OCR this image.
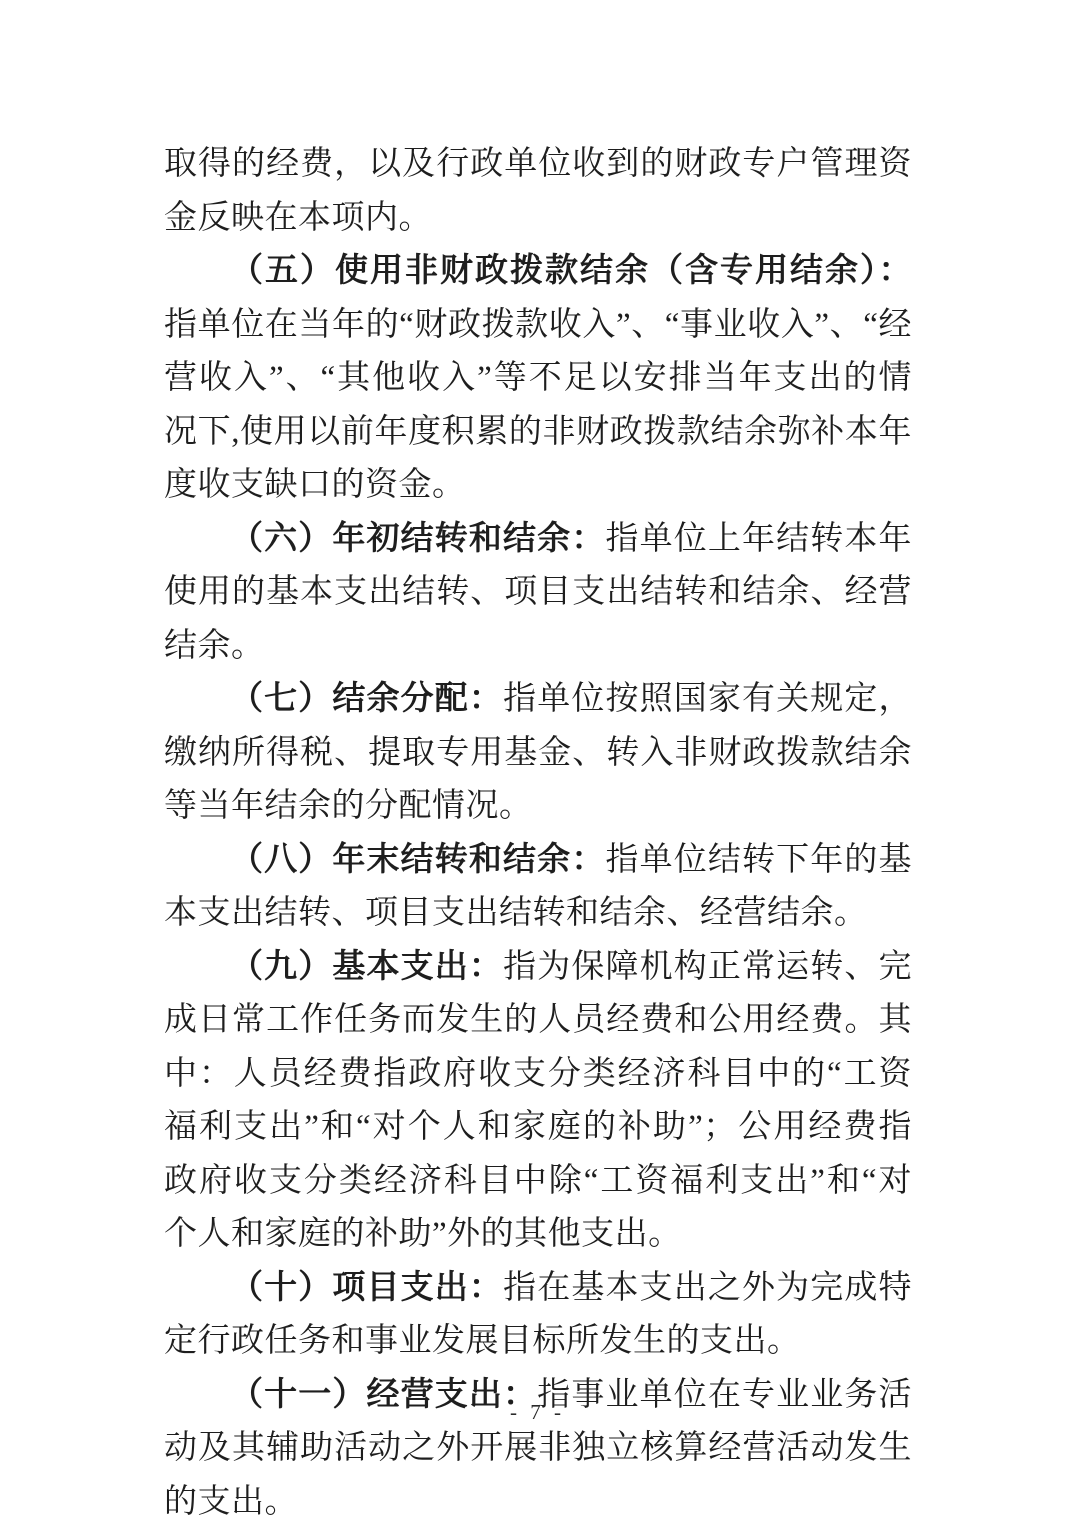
取得的经费，以及行政单位收到的财政专户管理资金反映在本项内。

（五）使用非财政拨款结余（含专用结余）：指单位在当年的“财政拨款收入”、“事业收入”、“经营收入”、“其他收入”等不足以安排当年支出的情况下,使用以前年度积累的非财政拨款结余弥补本年度收支缺口的资金。

（六）年初结转和结余：指单位上年结转本年使用的基本支出结转、项目支出结转和结余、经营结余。

（七）结余分配：指单位按照国家有关规定，缴纳所得税、提取专用基金、转入非财政拨款结余等当年结余的分配情况。

（八）年末结转和结余：指单位结转下年的基本支出结转、项目支出结转和结余、经营结余。

（九）基本支出：指为保障机构正常运转、完成日常工作任务而发生的人员经费和公用经费。其中：人员经费指政府收支分类经济科目中的“工资福利支出”和“对个人和家庭的补助”；公用经费指政府收支分类经济科目中除“工资福利支出”和“对个人和家庭的补助”外的其他支出。

（十）项目支出：指在基本支出之外为完成特定行政任务和事业发展目标所发生的支出。

（十一）经营支出：指事业单位在专业业务活动及其辅助活动之外开展非独立核算经营活动发生的支出。

- 7 -
